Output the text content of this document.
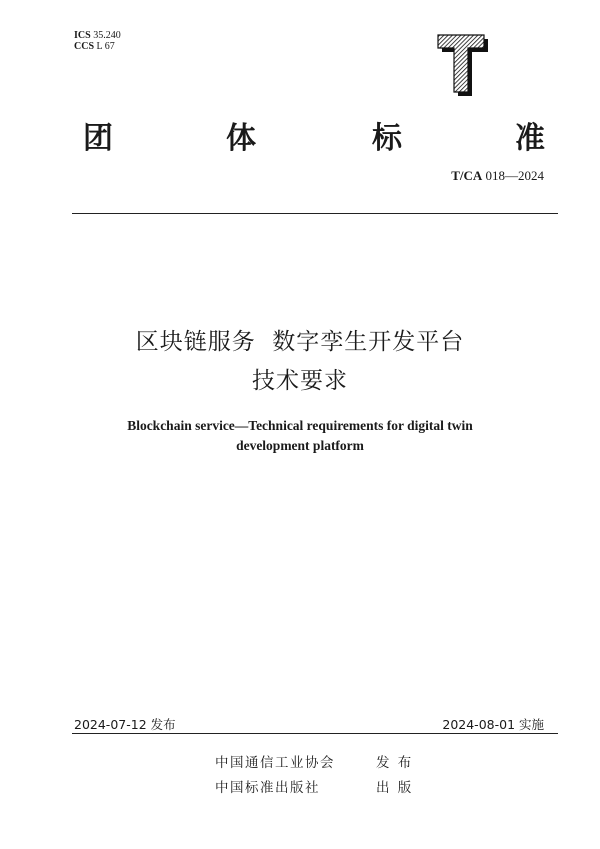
ICS 35.240
CCS L 67
团	体	标	准
T/CA 018—2024
区块链服务  数字孪生开发平台
技术要求
Blockchain service—Technical requirements for digital twin
development platform
2024-07-12 发布	2024-08-01 实施
中国通信工业协会	发 布
中国标准出版社	出 版
